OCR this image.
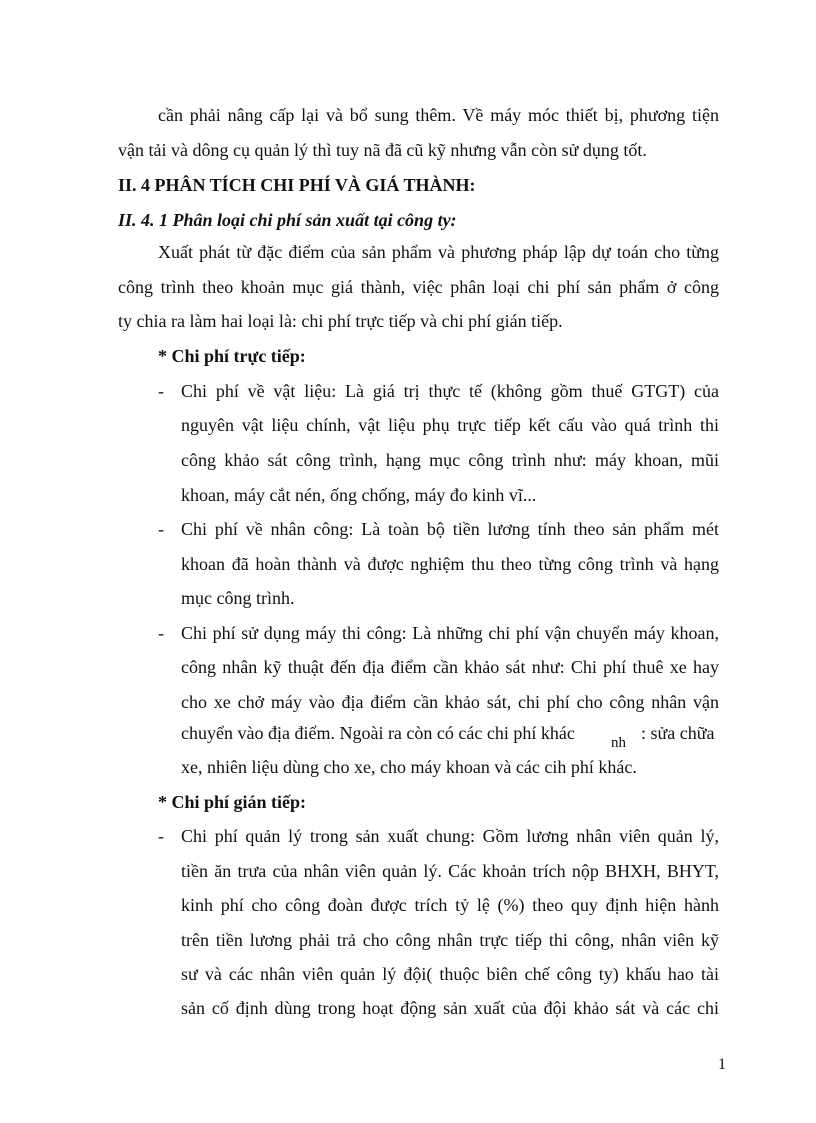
cần phải nâng cấp lại và bổ sung thêm. Về máy móc thiết bị, phương tiện
vận tải và dông cụ quản lý thì tuy nã đã cũ kỹ nhưng vẫn còn sử dụng tốt.
II. 4 PHÂN TÍCH CHI PHÍ VÀ GIÁ THÀNH:
II. 4. 1 Phân loại chi phí sản xuất tại công ty:
Xuất phát từ đặc điểm của sản phẩm và phương pháp lập dự toán cho từng
công trình theo khoản mục giá thành, việc phân loại chi phí sản phẩm ở công
ty chia ra làm hai loại là: chi phí trực tiếp và chi phí gián tiếp.
* Chi phí trực tiếp:
- Chi phí về vật liệu: Là giá trị thực tế (không gồm thuế GTGT) của
nguyên vật liệu chính, vật liệu phụ trực tiếp kết cấu vào quá trình thi
công khảo sát công trình, hạng mục công trình như: máy khoan, mũi
khoan, máy cắt nén, ống chống, máy đo kinh vĩ...
- Chi phí về nhân công: Là toàn bộ tiền lương tính theo sản phẩm mét
khoan đã hoàn thành và được nghiệm thu theo từng công trình và hạng
mục công trình.
- Chi phí sử dụng máy thi công: Là những chi phí vận chuyển máy khoan,
công nhân kỹ thuật đến địa điểm cần khảo sát như: Chi phí thuê xe hay
cho xe chở máy vào địa điểm cần khảo sát, chi phí cho công nhân vận
chuyển vào địa điểm. Ngoài ra còn có các chi phí khác nh : sửa chữa
xe, nhiên liệu dùng cho xe, cho máy khoan và các cih phí khác.
* Chi phí gián tiếp:
- Chi phí quản lý trong sản xuất chung: Gồm lương nhân viên quản lý,
tiền ăn trưa của nhân viên quản lý. Các khoản trích nộp BHXH, BHYT,
kinh phí cho công đoàn được trích tỷ lệ (%) theo quy định hiện hành
trên tiền lương phải trả cho công nhân trực tiếp thi công, nhân viên kỹ
sư và các nhân viên quản lý đội( thuộc biên chế công ty) khấu hao tài
sản cố định dùng trong hoạt động sản xuất của đội khảo sát và các chi
1
